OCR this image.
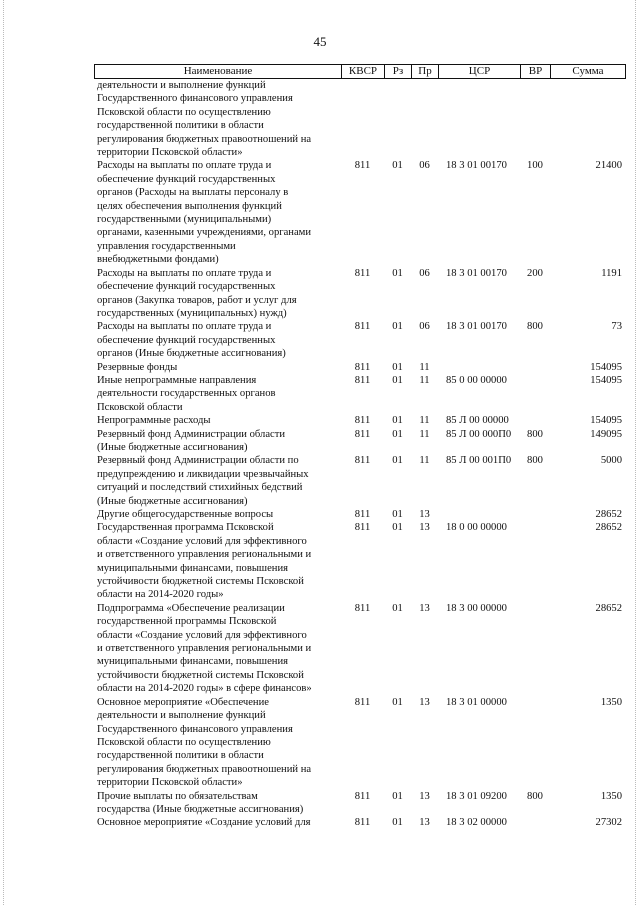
45
Наименование	КВСР	Рз	Пр	ЦСР	ВР	Сумма
деятельности и выполнение функций
Государственного финансового управления
Псковской области по осуществлению
государственной политики в области
регулирования бюджетных правоотношений на
территории Псковской области»
Расходы на выплаты по оплате труда и
обеспечение функций государственных
органов (Расходы на выплаты персоналу в
целях обеспечения выполнения функций
государственными (муниципальными)
органами, казенными учреждениями, органами
управления государственными
внебюджетными фондами)
811	01	06	18 3 01 00170	100	21400
Расходы на выплаты по оплате труда и
обеспечение функций государственных
органов (Закупка товаров, работ и услуг для
государственных (муниципальных) нужд)
811	01	06	18 3 01 00170	200	1191
Расходы на выплаты по оплате труда и
обеспечение функций государственных
органов (Иные бюджетные ассигнования)
811	01	06	18 3 01 00170	800	73
Резервные фонды	811	01	11	154095
Иные непрограммные направления
деятельности государственных органов
Псковской области
811	01	11	85 0 00 00000	154095
Непрограммные расходы	811	01	11	85 Л 00 00000	154095
Резервный фонд Администрации области
(Иные бюджетные ассигнования)
811	01	11	85 Л 00 000П0	800	149095
Резервный фонд Администрации области по
предупреждению и ликвидации чрезвычайных
ситуаций и последствий стихийных бедствий
(Иные бюджетные ассигнования)
811	01	11	85 Л 00 001П0	800	5000
Другие общегосударственные вопросы	811	01	13	28652
Государственная программа Псковской
области «Создание условий для эффективного
и ответственного управления региональными и
муниципальными финансами, повышения
устойчивости бюджетной системы Псковской
области на 2014-2020 годы»
811	01	13	18 0 00 00000	28652
Подпрограмма «Обеспечение реализации
государственной программы Псковской
области «Создание условий для эффективного
и ответственного управления региональными и
муниципальными финансами, повышения
устойчивости бюджетной системы Псковской
области на 2014-2020 годы» в сфере финансов»
811	01	13	18 3 00 00000	28652
Основное мероприятие «Обеспечение
деятельности и выполнение функций
Государственного финансового управления
Псковской области по осуществлению
государственной политики в области
регулирования бюджетных правоотношений на
территории Псковской области»
811	01	13	18 3 01 00000	1350
Прочие выплаты по обязательствам
государства (Иные бюджетные ассигнования)
811	01	13	18 3 01 09200	800	1350
Основное мероприятие «Создание условий для	811	01	13	18 3 02 00000	27302
